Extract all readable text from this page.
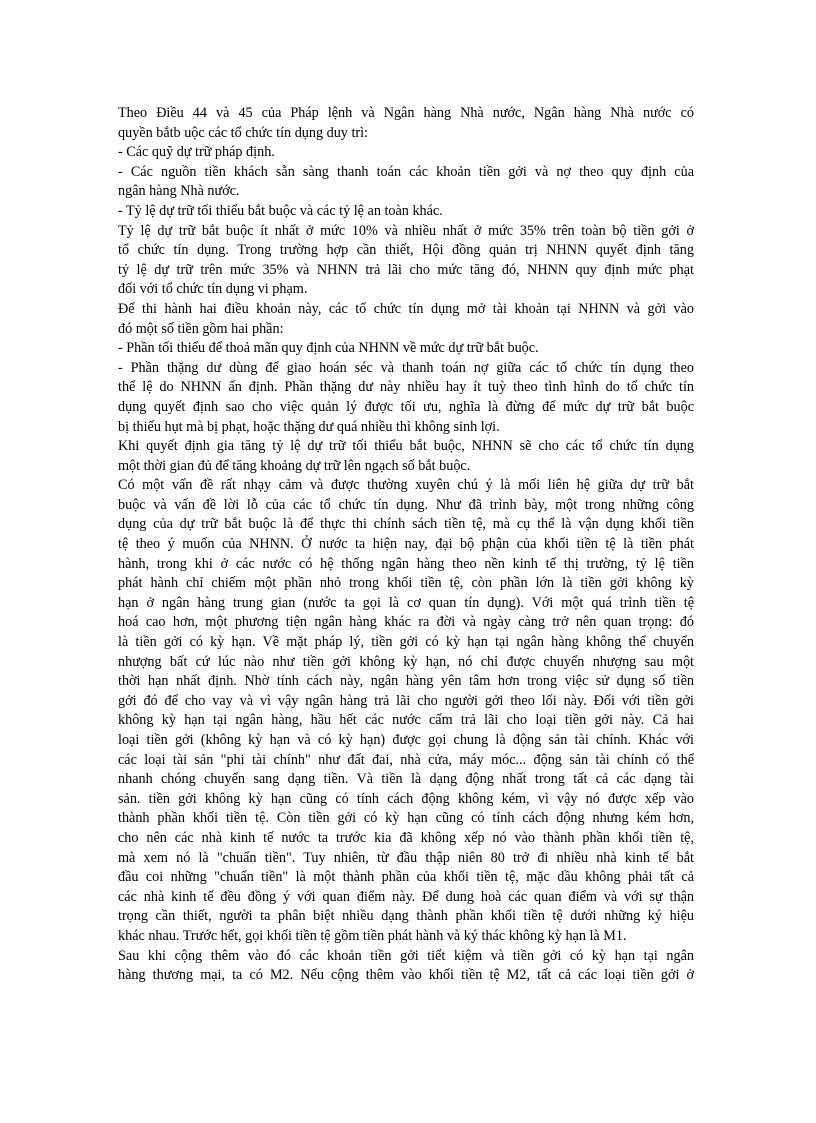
Theo Điều 44 và 45 của Pháp lệnh và Ngân hàng Nhà nước, Ngân hàng Nhà nước có
quyền bắtb uộc các tổ chức tín dụng duy trì:
- Các quỹ dự trữ pháp định.
- Các nguồn tiền khách sẵn sàng thanh toán các khoản tiền gởi và nợ theo quy định của
ngân hàng Nhà nước.
- Tỷ lệ dự trữ tối thiểu bắt buộc và các tỷ lệ an toàn khác.
Tỷ lệ dự trữ bắt buộc ít nhất ở mức 10% và nhiều nhất ở mức 35% trên toàn bộ tiền gởi ở
tổ chức tín dụng. Trong trường hợp cần thiết, Hội đồng quản trị NHNN quyết định tăng
tỷ lệ dự trữ trên mức 35% và NHNN trả lãi cho mức tăng đó, NHNN quy định mức phạt
đối với tổ chức tín dụng vi phạm.
Để thi hành hai điều khoản này, các tổ chức tín dụng mở tài khoản tại NHNN và gởi vào
đó một số tiền gồm hai phần:
- Phần tối thiểu để thoả mãn quy định của NHNN về mức dự trữ bắt buộc.
- Phần thặng dư dùng để giao hoán séc và thanh toán nợ giữa các tổ chức tín dụng theo
thể lệ do NHNN ấn định. Phần thặng dư này nhiều hay ít tuỳ theo tình hình do tổ chức tín
dụng quyết định sao cho việc quản lý được tối ưu, nghĩa là đừng để mức dự trữ bắt buộc
bị thiếu hụt mà bị phạt, hoặc thặng dư quá nhiều thì không sinh lợi.
Khi quyết định gia tăng tỷ lệ dự trữ tối thiểu bắt buộc, NHNN sẽ cho các tổ chức tín dụng
một thời gian đủ để tăng khoảng dự trữ lên ngạch số bắt buộc.
Có một vấn đề rất nhạy cảm và được thường xuyên chú ý là mối liên hệ giữa dự trữ bắt
buộc và vấn đề lời lỗ của các tổ chức tín dụng. Như đã trình bày, một trong những công
dụng của dự trữ bắt buộc là để thực thi chính sách tiền tệ, mà cụ thể là vận dụng khối tiền
tệ theo ý muốn của NHNN. Ở nước ta hiện nay, đại bộ phận của khối tiền tệ là tiền phát
hành, trong khi ở các nước có hệ thống ngân hàng theo nền kinh tế thị trường, tỷ lệ tiền
phát hành chỉ chiếm một phần nhỏ trong khối tiền tệ, còn phần lớn là tiền gởi không kỳ
hạn ở ngân hàng trung gian (nước ta gọi là cơ quan tín dụng). Với một quá trình tiền tệ
hoá cao hơn, một phương tiện ngân hàng khác ra đời và ngày càng trở nên quan trọng: đó
là tiền gởi có kỳ hạn. Về mặt pháp lý, tiền gởi có kỳ hạn tại ngân hàng không thể chuyển
nhượng bất cứ lúc nào như tiền gởi không kỳ hạn, nó chỉ được chuyển nhượng sau một
thời hạn nhất định. Nhờ tính cách này, ngân hàng yên tâm hơn trong việc sử dụng số tiền
gởi đó để cho vay và vì vậy ngân hàng trả lãi cho người gởi theo lối này. Đối với tiền gởi
không kỳ hạn tại ngân hàng, hầu hết các nước cấm trả lãi cho loại tiền gởi này. Cả hai
loại tiền gởi (không kỳ hạn và có kỳ hạn) được gọi chung là động sản tài chính. Khác với
các loại tài sản "phi tài chính" như đất đai, nhà cửa, máy móc... động sản tài chính có thể
nhanh chóng chuyển sang dạng tiền. Và tiền là dạng động nhất trong tất cả các dạng tài
sản. tiền gởi không kỳ hạn cũng có tính cách động không kém, vì vậy nó được xếp vào
thành phần khối tiền tệ. Còn tiền gởi có kỳ hạn cũng có tính cách động nhưng kém hơn,
cho nên các nhà kinh tế nước ta trước kia đã không xếp nó vào thành phần khối tiền tệ,
mà xem nó là "chuẩn tiền". Tuy nhiên, từ đầu thập niên 80 trở đi nhiều nhà kinh tế bắt
đầu coi những "chuẩn tiền" là một thành phần của khối tiền tệ, mặc dầu không phải tất cả
các nhà kinh tế đều đồng ý với quan điểm này. Để dung hoà các quan điểm và với sự thận
trọng cần thiết, người ta phân biệt nhiều dạng thành phần khối tiền tệ dưới những ký hiệu
khác nhau. Trước hết, gọi khối tiền tệ gồm tiền phát hành và ký thác không kỳ hạn là M1.
Sau khi cộng thêm vào đó các khoản tiền gởi tiết kiệm và tiền gởi có kỳ hạn tại ngân
hàng thương mại, ta có M2. Nếu cộng thêm vào khối tiền tệ M2, tất cả các loại tiền gởi ở
